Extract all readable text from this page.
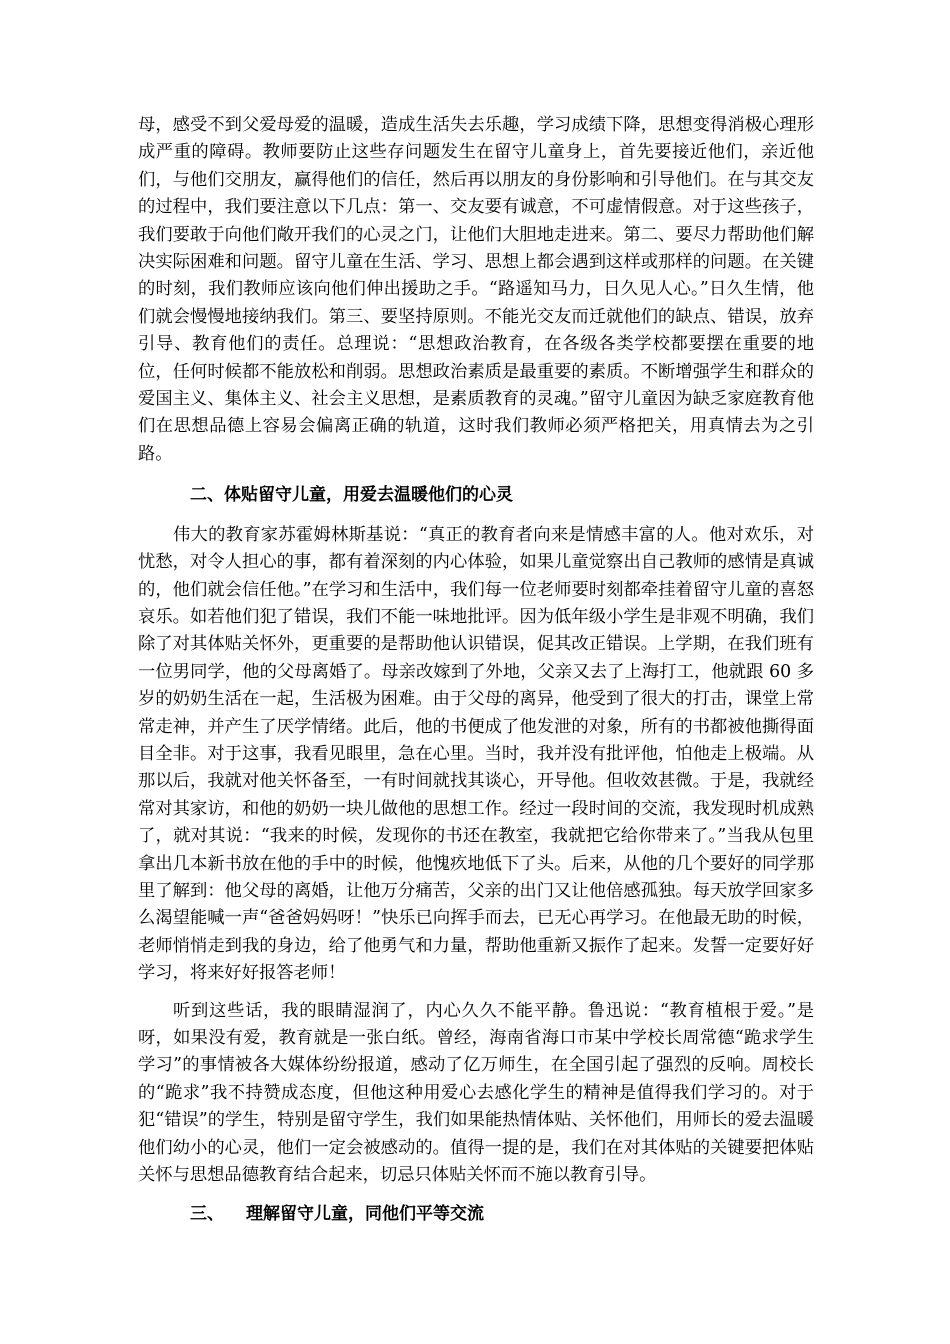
母，感受不到父爱母爱的温暖，造成生活失去乐趣，学习成绩下降，思想变得消极心理形成严重的障碍。教师要防止这些存问题发生在留守儿童身上，首先要接近他们，亲近他们，与他们交朋友，赢得他们的信任，然后再以朋友的身份影响和引导他们。在与其交友的过程中，我们要注意以下几点：第一、交友要有诚意，不可虚情假意。对于这些孩子，我们要敢于向他们敞开我们的心灵之门，让他们大胆地走进来。第二、要尽力帮助他们解决实际困难和问题。留守儿童在生活、学习、思想上都会遇到这样或那样的问题。在关键的时刻，我们教师应该向他们伸出援助之手。“路遥知马力，日久见人心。”日久生情，他们就会慢慢地接纳我们。第三、要坚持原则。不能光交友而迁就他们的缺点、错误，放弃引导、教育他们的责任。总理说：“思想政治教育，在各级各类学校都要摆在重要的地位，任何时候都不能放松和削弱。思想政治素质是最重要的素质。不断增强学生和群众的爱国主义、集体主义、社会主义思想，是素质教育的灵魂。”留守儿童因为缺乏家庭教育他们在思想品德上容易会偏离正确的轨道，这时我们教师必须严格把关，用真情去为之引路。

二、体贴留守儿童，用爱去温暖他们的心灵

伟大的教育家苏霍姆林斯基说：“真正的教育者向来是情感丰富的人。他对欢乐，对忧愁，对令人担心的事，都有着深刻的内心体验，如果儿童觉察出自己教师的感情是真诚的，他们就会信任他。”在学习和生活中，我们每一位老师要时刻都牵挂着留守儿童的喜怒哀乐。如若他们犯了错误，我们不能一味地批评。因为低年级小学生是非观不明确，我们除了对其体贴关怀外，更重要的是帮助他认识错误，促其改正错误。上学期，在我们班有一位男同学，他的父母离婚了。母亲改嫁到了外地，父亲又去了上海打工，他就跟 60 多岁的奶奶生活在一起，生活极为困难。由于父母的离异，他受到了很大的打击，课堂上常常走神，并产生了厌学情绪。此后，他的书便成了他发泄的对象，所有的书都被他撕得面目全非。对于这事，我看见眼里，急在心里。当时，我并没有批评他，怕他走上极端。从那以后，我就对他关怀备至，一有时间就找其谈心，开导他。但收效甚微。于是，我就经常对其家访，和他的奶奶一块儿做他的思想工作。经过一段时间的交流，我发现时机成熟了，就对其说：“我来的时候，发现你的书还在教室，我就把它给你带来了。”当我从包里拿出几本新书放在他的手中的时候，他愧疚地低下了头。后来，从他的几个要好的同学那里了解到：他父母的离婚，让他万分痛苦，父亲的出门又让他倍感孤独。每天放学回家多么渴望能喊一声“爸爸妈妈呀！”快乐已向挥手而去，已无心再学习。在他最无助的时候，老师悄悄走到我的身边，给了他勇气和力量，帮助他重新又振作了起来。发誓一定要好好学习，将来好好报答老师！

听到这些话，我的眼睛湿润了，内心久久不能平静。鲁迅说：“教育植根于爱。”是呀，如果没有爱，教育就是一张白纸。曾经，海南省海口市某中学校长周常德“跪求学生学习”的事情被各大媒体纷纷报道，感动了亿万师生，在全国引起了强烈的反响。周校长的“跪求”我不持赞成态度，但他这种用爱心去感化学生的精神是值得我们学习的。对于犯“错误”的学生，特别是留守学生，我们如果能热情体贴、关怀他们，用师长的爱去温暖他们幼小的心灵，他们一定会被感动的。值得一提的是，我们在对其体贴的关键要把体贴关怀与思想品德教育结合起来，切忌只体贴关怀而不施以教育引导。

三、 理解留守儿童，同他们平等交流
